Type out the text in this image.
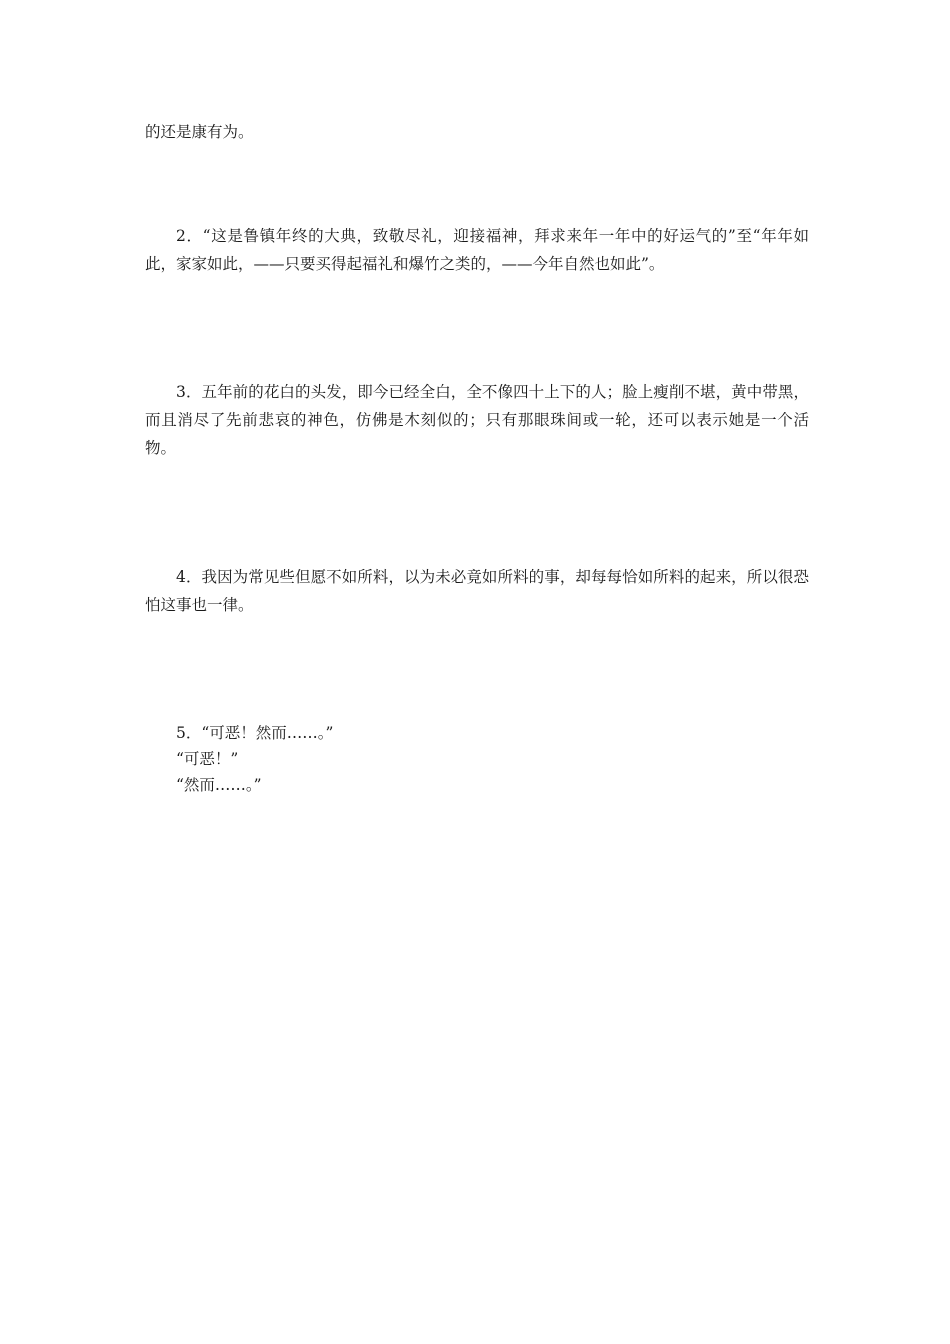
的还是康有为。

2．“这是鲁镇年终的大典，致敬尽礼，迎接福神，拜求来年一年中的好运气的”至“年年如此，家家如此，——只要买得起福礼和爆竹之类的，——今年自然也如此”。

3．五年前的花白的头发，即今已经全白，全不像四十上下的人；脸上瘦削不堪，黄中带黑，而且消尽了先前悲哀的神色，仿佛是木刻似的；只有那眼珠间或一轮，还可以表示她是一个活物。

4．我因为常见些但愿不如所料，以为未必竟如所料的事，却每每恰如所料的起来，所以很恐怕这事也一律。

5．“可恶！然而……。”

“可恶！”

“然而……。”
